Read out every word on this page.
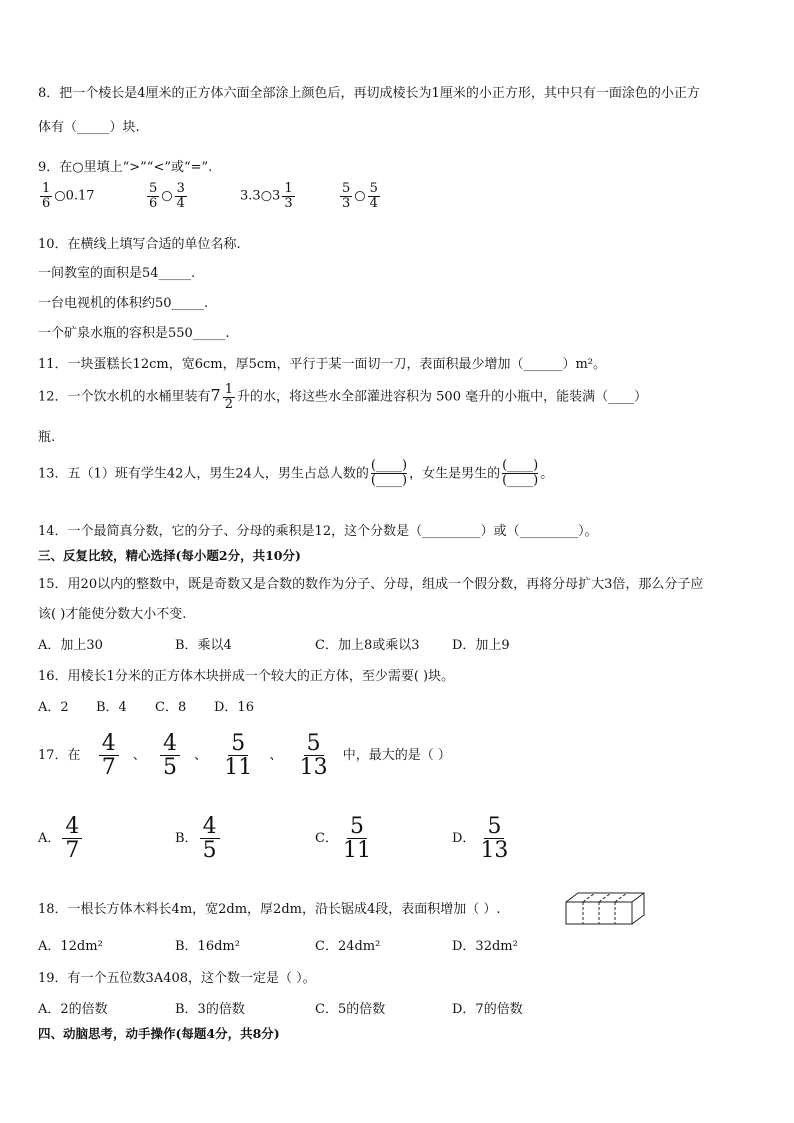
8．把一个棱长是4厘米的正方体六面全部涂上颜色后，再切成棱长为1厘米的小正方形，其中只有一面涂色的小正方
体有（_____）块.
9．在○里填上“>”“<”或“=”.
$\frac{1}{6}$ ○0.17	$\frac{5}{6}$ ○ $\frac{3}{4}$	3.3○3 $\frac{1}{3}$	$\frac{5}{3}$ ○ $\frac{5}{4}$
10．在横线上填写合适的单位名称.
一间教室的面积是54_____.
一台电视机的体积约50_____.
一个矿泉水瓶的容积是550_____.
11．一块蛋糕长12cm，宽6cm，厚5cm，平行于某一面切一刀，表面积最少增加（______）m²。
12．一个饮水机的水桶里装有$7 \frac{1}{2}$ 升的水，将这些水全部灌进容积为 500 毫升的小瓶中，能装满（____）
瓶.
13．五（1）班有学生42人，男生24人，男生占总人数的 $\frac{(\_\_\_\_)}{(\_\_\_\_)}$ ，女生是男生的 $\frac{(\_\_\_\_)}{(\_\_\_\_)}$ 。
14．一个最简真分数，它的分子、分母的乘积是12，这个分数是（_________）或（_________）。
三、反复比较，精心选择(每小题2分，共10分)
15．用20以内的整数中，既是奇数又是合数的数作为分子、分母，组成一个假分数，再将分母扩大3倍，那么分子应
该( )才能使分数大小不变.
A．加上30	B．乘以4	C．加上8或乘以3	D．加上9
16．用棱长1分米的正方体木块拼成一个较大的正方体，至少需要( )块。
A．2 B．4 C．8 D．16
17．在 $\frac{4}{7}$ 、 $\frac{4}{5}$ 、 $\frac{5}{11}$ 、 $\frac{5}{13}$ 中，最大的是（ ）
A． $\frac{4}{7}$	B． $\frac{4}{5}$	C． $\frac{5}{11}$	D． $\frac{5}{13}$
18．一根长方体木料长4m，宽2dm，厚2dm，沿长锯成4段，表面积增加（ ）.
A．12dm²	B．16dm²	C．24dm²	D．32dm²
19．有一个五位数3A408，这个数一定是（ ）。
A．2的倍数	B．3的倍数	C．5的倍数	D．7的倍数
四、动脑思考，动手操作(每题4分，共8分)
